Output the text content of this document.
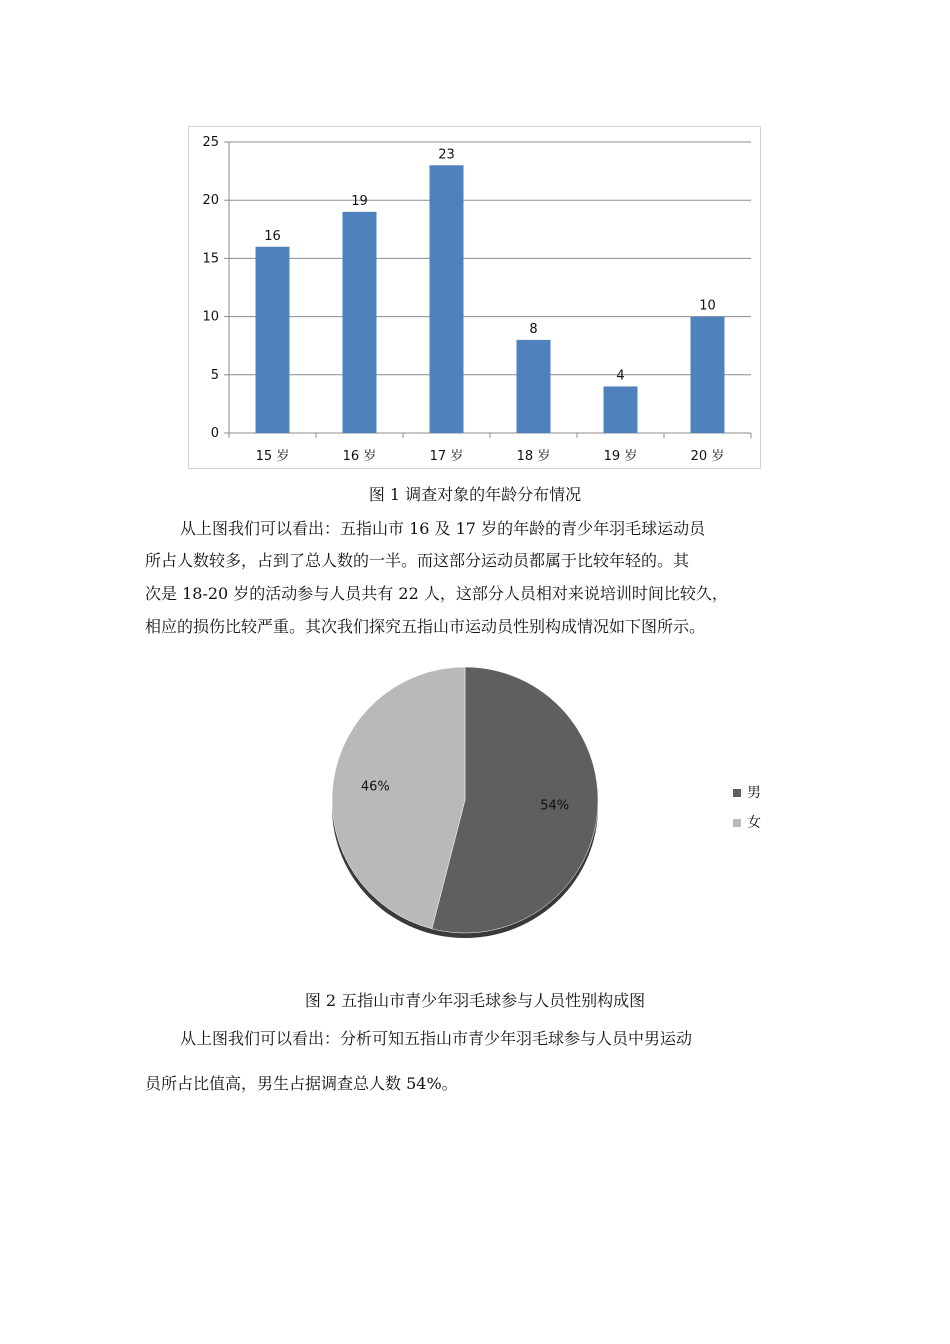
0
5
10
15
20
25
16
15 岁
19
16 岁
23
17 岁
8
18 岁
4
19 岁
10
20 岁
图 1 调查对象的年龄分布情况
从上图我们可以看出：五指山市 16 及 17 岁的年龄的青少年羽毛球运动员
所占人数较多，占到了总人数的一半。而这部分运动员都属于比较年轻的。其
次是 18-20 岁的活动参与人员共有 22 人，这部分人员相对来说培训时间比较久，
相应的损伤比较严重。其次我们探究五指山市运动员性别构成情况如下图所示。
54%
46%	男
女
图 2 五指山市青少年羽毛球参与人员性别构成图
从上图我们可以看出：分析可知五指山市青少年羽毛球参与人员中男运动
员所占比值高，男生占据调查总人数 54%。
